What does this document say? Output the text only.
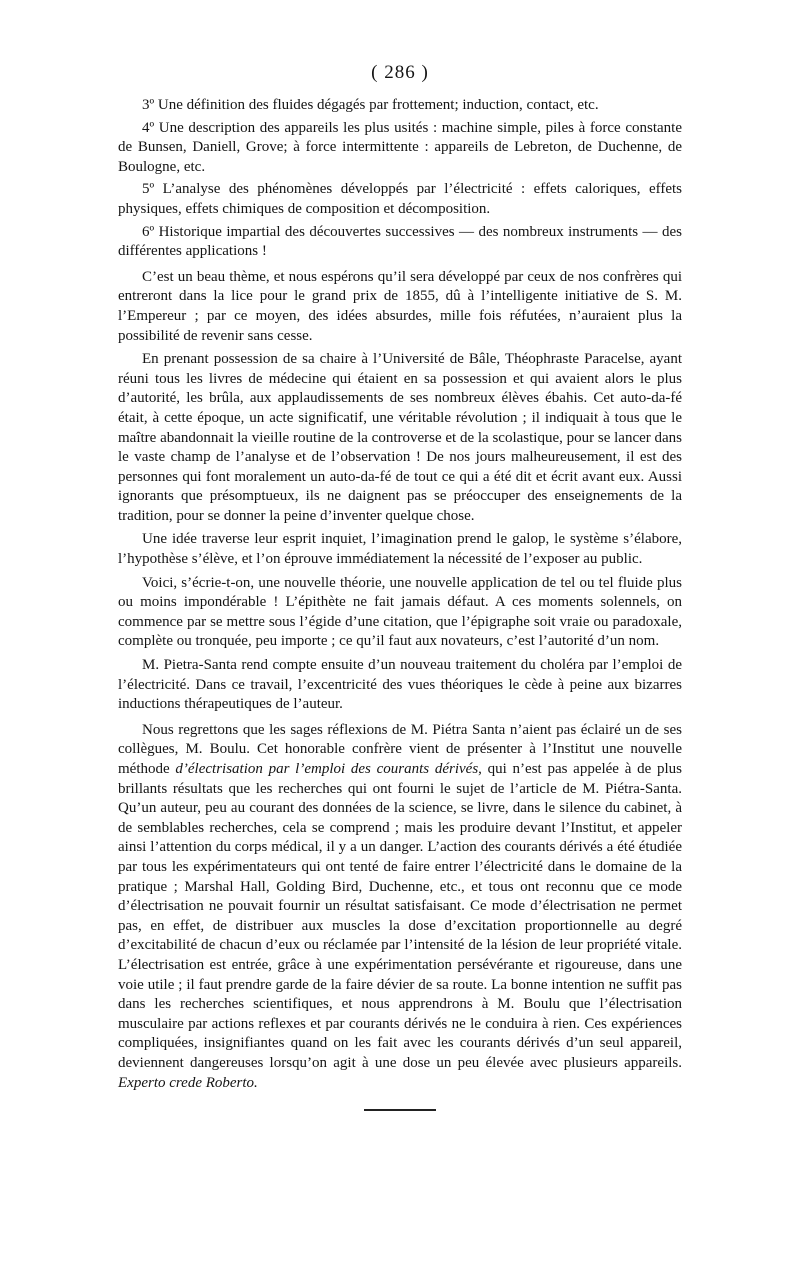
( 286 )

3º Une définition des fluides dégagés par frottement; induction, contact, etc.

4º Une description des appareils les plus usités : machine simple, piles à force constante de Bunsen, Daniell, Grove; à force intermittente : appareils de Lebreton, de Duchenne, de Boulogne, etc.

5º L’analyse des phénomènes développés par l’électricité : effets caloriques, effets physiques, effets chimiques de composition et décomposition.

6º Historique impartial des découvertes successives — des nombreux instruments — des différentes applications !

C’est un beau thème, et nous espérons qu’il sera développé par ceux de nos confrères qui entreront dans la lice pour le grand prix de 1855, dû à l’intelligente initiative de S. M. l’Empereur ; par ce moyen, des idées absurdes, mille fois réfutées, n’auraient plus la possibilité de revenir sans cesse.

En prenant possession de sa chaire à l’Université de Bâle, Théophraste Paracelse, ayant réuni tous les livres de médecine qui étaient en sa possession et qui avaient alors le plus d’autorité, les brûla, aux applaudissements de ses nombreux élèves ébahis. Cet auto-da-fé était, à cette époque, un acte significatif, une véritable révolution ; il indiquait à tous que le maître abandonnait la vieille routine de la controverse et de la scolastique, pour se lancer dans le vaste champ de l’analyse et de l’observation ! De nos jours malheureusement, il est des personnes qui font moralement un auto-da-fé de tout ce qui a été dit et écrit avant eux. Aussi ignorants que présomptueux, ils ne daignent pas se préoccuper des enseignements de la tradition, pour se donner la peine d’inventer quelque chose.

Une idée traverse leur esprit inquiet, l’imagination prend le galop, le système s’élabore, l’hypothèse s’élève, et l’on éprouve immédiatement la nécessité de l’exposer au public.

Voici, s’écrie-t-on, une nouvelle théorie, une nouvelle application de tel ou tel fluide plus ou moins impondérable ! L’épithète ne fait jamais défaut. A ces moments solennels, on commence par se mettre sous l’égide d’une citation, que l’épigraphe soit vraie ou paradoxale, complète ou tronquée, peu importe ; ce qu’il faut aux novateurs, c’est l’autorité d’un nom.

M. Pietra-Santa rend compte ensuite d’un nouveau traitement du choléra par l’emploi de l’électricité. Dans ce travail, l’excentricité des vues théoriques le cède à peine aux bizarres inductions thérapeutiques de l’auteur.

Nous regrettons que les sages réflexions de M. Piétra Santa n’aient pas éclairé un de ses collègues, M. Boulu. Cet honorable confrère vient de présenter à l’Institut une nouvelle méthode d’électrisation par l’emploi des courants dérivés, qui n’est pas appelée à de plus brillants résultats que les recherches qui ont fourni le sujet de l’article de M. Piétra-Santa. Qu’un auteur, peu au courant des données de la science, se livre, dans le silence du cabinet, à de semblables recherches, cela se comprend ; mais les produire devant l’Institut, et appeler ainsi l’attention du corps médical, il y a un danger. L’action des courants dérivés a été étudiée par tous les expérimentateurs qui ont tenté de faire entrer l’électricité dans le domaine de la pratique ; Marshal Hall, Golding Bird, Duchenne, etc., et tous ont reconnu que ce mode d’électrisation ne pouvait fournir un résultat satisfaisant. Ce mode d’électrisation ne permet pas, en effet, de distribuer aux muscles la dose d’excitation proportionnelle au degré d’excitabilité de chacun d’eux ou réclamée par l’intensité de la lésion de leur propriété vitale. L’électrisation est entrée, grâce à une expérimentation persévérante et rigoureuse, dans une voie utile ; il faut prendre garde de la faire dévier de sa route. La bonne intention ne suffit pas dans les recherches scientifiques, et nous apprendrons à M. Boulu que l’électrisation musculaire par actions reflexes et par courants dérivés ne le conduira à rien. Ces expériences compliquées, insignifiantes quand on les fait avec les courants dérivés d’un seul appareil, deviennent dangereuses lorsqu’on agit à une dose un peu élevée avec plusieurs appareils. Experto crede Roberto.
